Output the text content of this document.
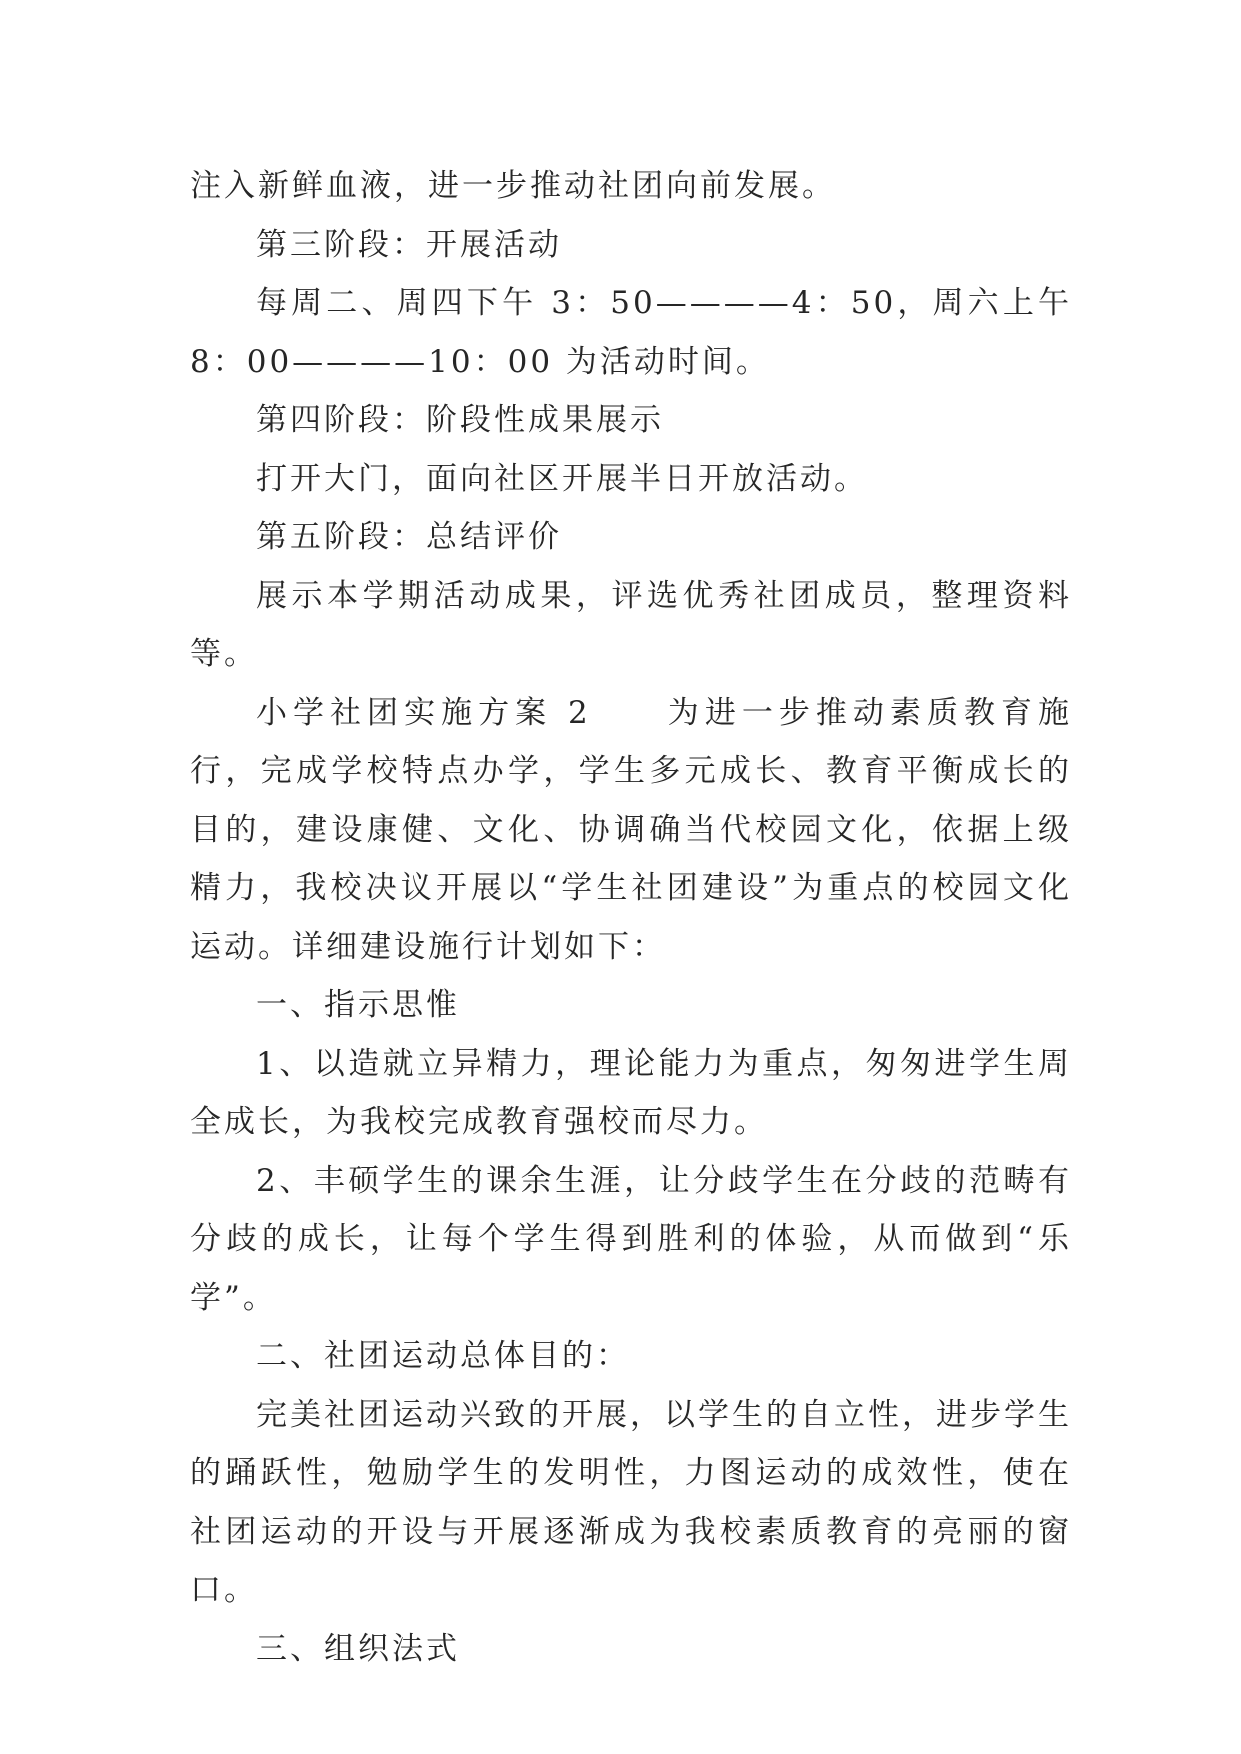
注入新鲜血液，进一步推动社团向前发展。

第三阶段：开展活动

每周二、周四下午 3：50————4：50，周六上午 8：00————10：00 为活动时间。

第四阶段：阶段性成果展示

打开大门，面向社区开展半日开放活动。

第五阶段：总结评价

展示本学期活动成果，评选优秀社团成员，整理资料等。

小学社团实施方案 2　　为进一步推动素质教育施行，完成学校特点办学，学生多元成长、教育平衡成长的目的，建设康健、文化、协调确当代校园文化，依据上级精力，我校决议开展以“学生社团建设”为重点的校园文化运动。详细建设施行计划如下：

一、指示思惟

1、以造就立异精力，理论能力为重点，匆匆进学生周全成长，为我校完成教育强校而尽力。

2、丰硕学生的课余生涯，让分歧学生在分歧的范畴有分歧的成长，让每个学生得到胜利的体验，从而做到“乐学”。

二、社团运动总体目的：

完美社团运动兴致的开展，以学生的自立性，进步学生的踊跃性，勉励学生的发明性，力图运动的成效性，使在社团运动的开设与开展逐渐成为我校素质教育的亮丽的窗口。

三、组织法式
